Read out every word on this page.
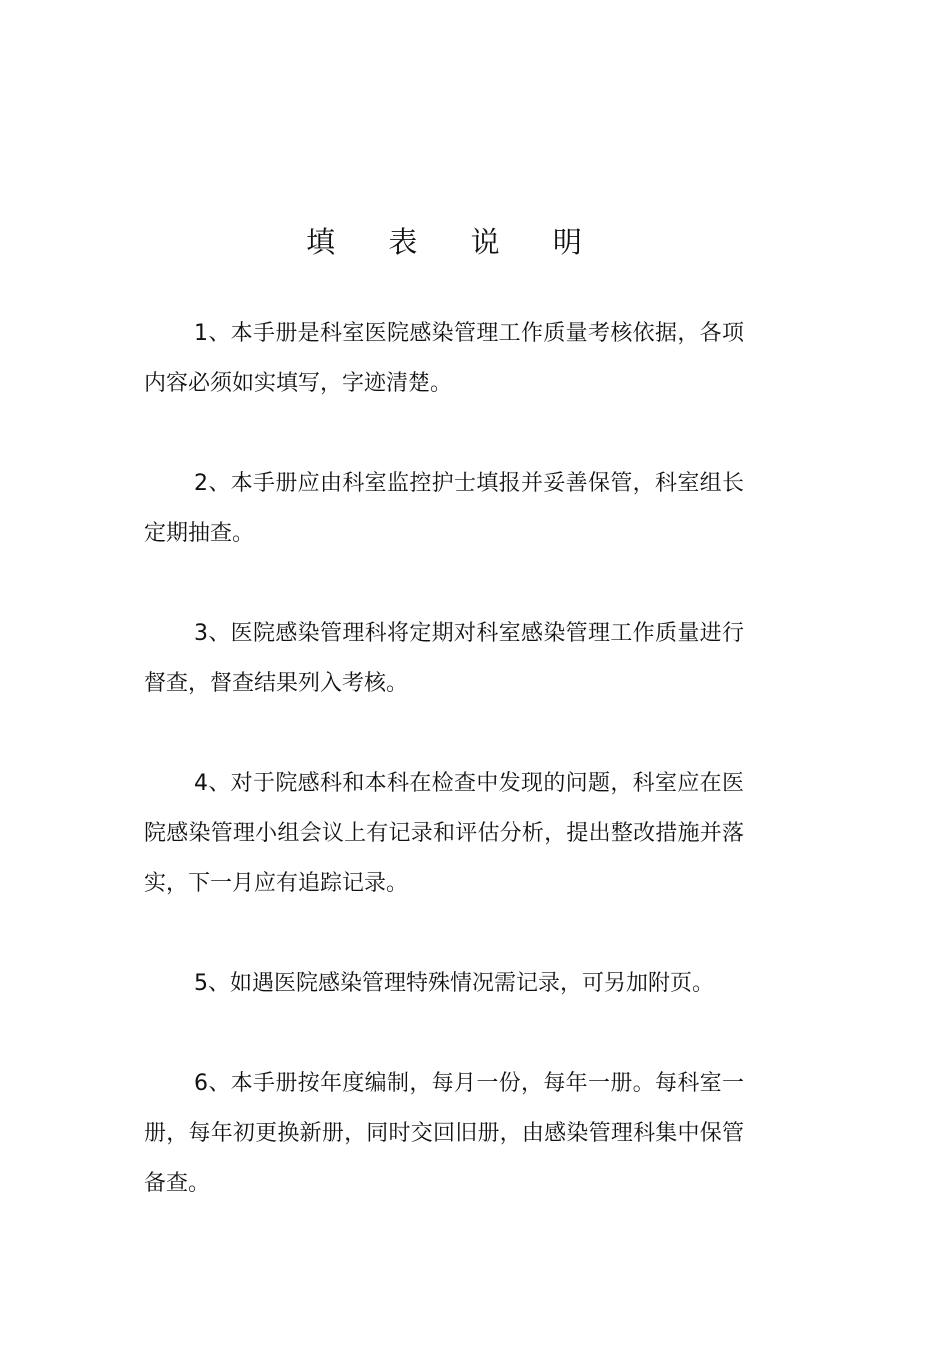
填 表 说 明

1、本手册是科室医院感染管理工作质量考核依据，各项内容必须如实填写，字迹清楚。

2、本手册应由科室监控护士填报并妥善保管，科室组长定期抽查。

3、医院感染管理科将定期对科室感染管理工作质量进行督查，督查结果列入考核。

4、对于院感科和本科在检查中发现的问题，科室应在医院感染管理小组会议上有记录和评估分析，提出整改措施并落实，下一月应有追踪记录。

5、如遇医院感染管理特殊情况需记录，可另加附页。

6、本手册按年度编制，每月一份，每年一册。每科室一册，每年初更换新册，同时交回旧册，由感染管理科集中保管备查。
